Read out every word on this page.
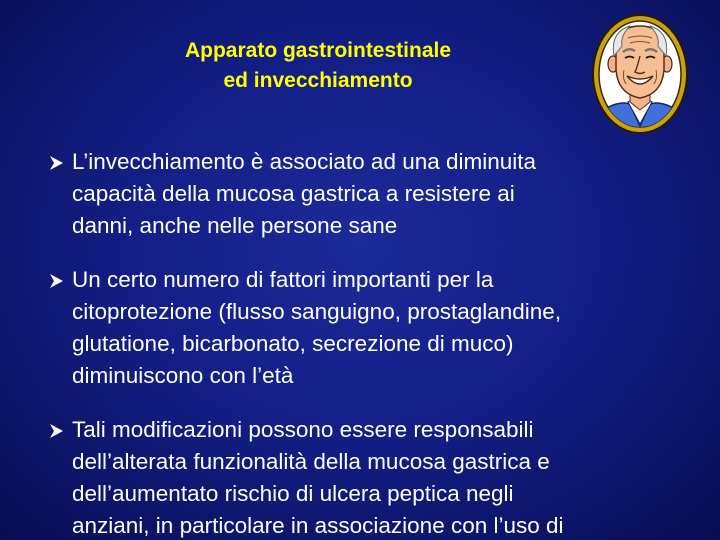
Apparato gastrointestinale
ed invecchiamento
L’invecchiamento è associato ad una diminuita
capacità della mucosa gastrica a resistere ai
danni, anche nelle persone sane
Un certo numero di fattori importanti per la
citoprotezione (flusso sanguigno, prostaglandine,
glutatione, bicarbonato, secrezione di muco)
diminuiscono con l’età
Tali modificazioni possono essere responsabili
dell’alterata funzionalità della mucosa gastrica e
dell’aumentato rischio di ulcera peptica negli
anziani, in particolare in associazione con l’uso di
